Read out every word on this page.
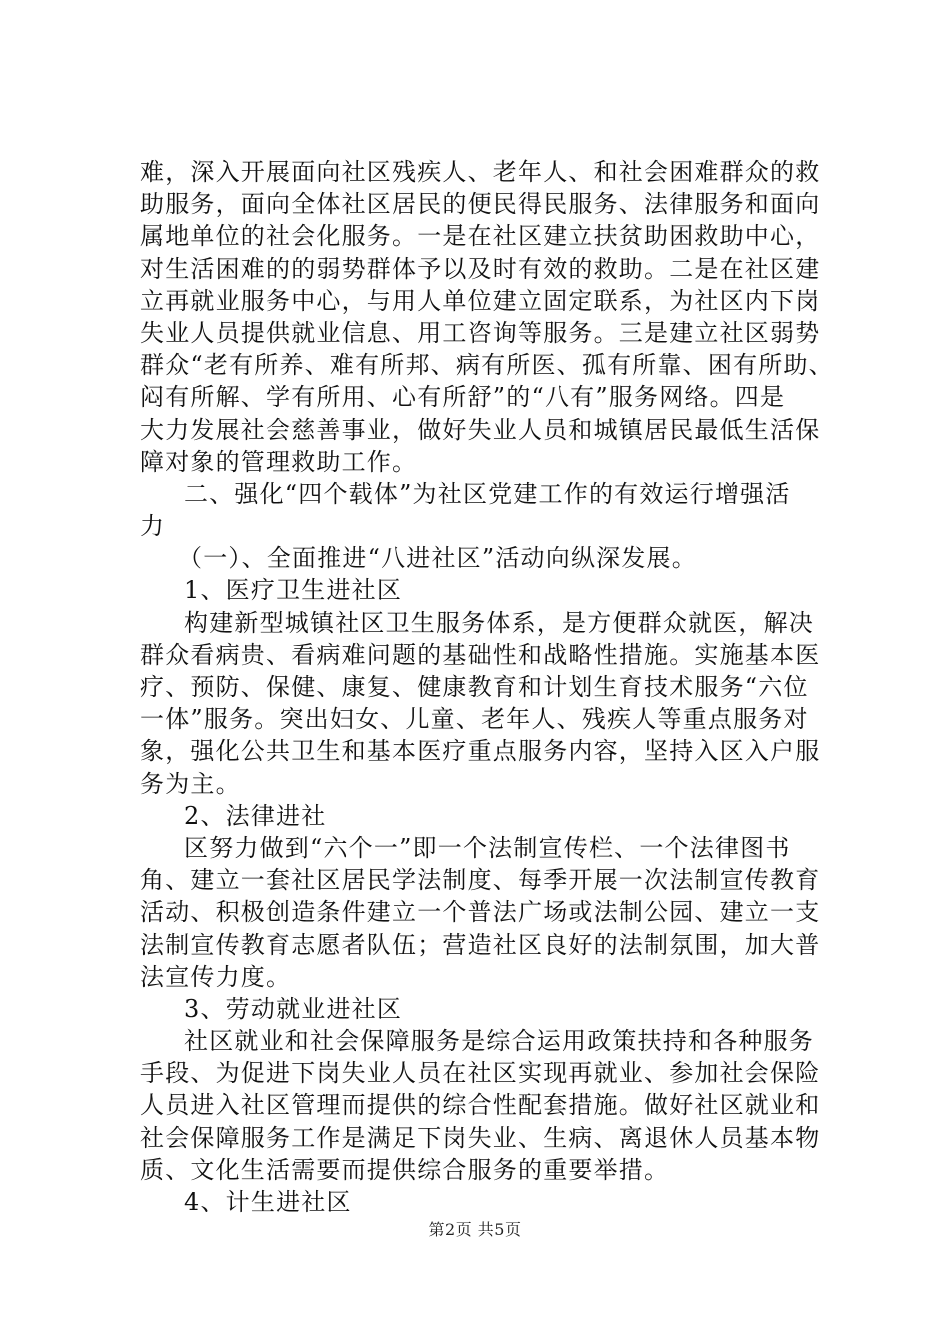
难，深入开展面向社区残疾人、老年人、和社会困难群众的救
助服务，面向全体社区居民的便民得民服务、法律服务和面向
属地单位的社会化服务。一是在社区建立扶贫助困救助中心，
对生活困难的的弱势群体予以及时有效的救助。二是在社区建
立再就业服务中心，与用人单位建立固定联系，为社区内下岗
失业人员提供就业信息、用工咨询等服务。三是建立社区弱势
群众“老有所养、难有所邦、病有所医、孤有所靠、困有所助、
闷有所解、学有所用、心有所舒”的“八有”服务网络。四是
大力发展社会慈善事业，做好失业人员和城镇居民最低生活保
障对象的管理救助工作。
二、强化“四个载体”为社区党建工作的有效运行增强活
力
（一）、全面推进“八进社区”活动向纵深发展。
1、医疗卫生进社区
构建新型城镇社区卫生服务体系，是方便群众就医，解决
群众看病贵、看病难问题的基础性和战略性措施。实施基本医
疗、预防、保健、康复、健康教育和计划生育技术服务“六位
一体”服务。突出妇女、儿童、老年人、残疾人等重点服务对
象，强化公共卫生和基本医疗重点服务内容，坚持入区入户服
务为主。
2、法律进社
区努力做到“六个一”即一个法制宣传栏、一个法律图书
角、建立一套社区居民学法制度、每季开展一次法制宣传教育
活动、积极创造条件建立一个普法广场或法制公园、建立一支
法制宣传教育志愿者队伍；营造社区良好的法制氛围，加大普
法宣传力度。
3、劳动就业进社区
社区就业和社会保障服务是综合运用政策扶持和各种服务
手段、为促进下岗失业人员在社区实现再就业、参加社会保险
人员进入社区管理而提供的综合性配套措施。做好社区就业和
社会保障服务工作是满足下岗失业、生病、离退休人员基本物
质、文化生活需要而提供综合服务的重要举措。
4、计生进社区
第2页 共5页
